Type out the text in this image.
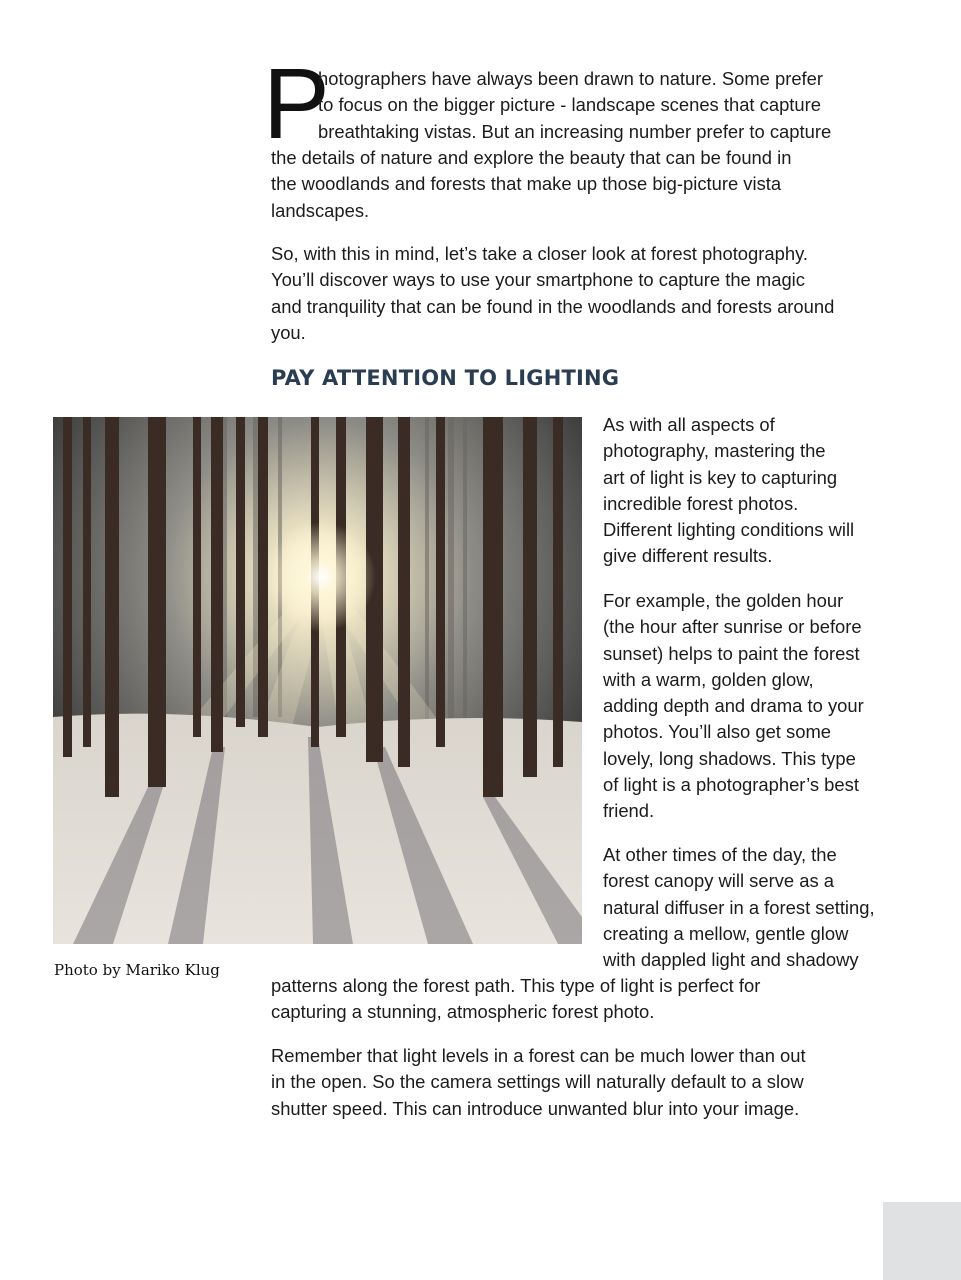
P
hotographers have always been drawn to nature. Some prefer
to focus on the bigger picture - landscape scenes that capture
breathtaking vistas. But an increasing number prefer to capture
the details of nature and explore the beauty that can be found in
the woodlands and forests that make up those big-picture vista
landscapes.
So, with this in mind, let’s take a closer look at forest photography.
You’ll discover ways to use your smartphone to capture the magic
and tranquility that can be found in the woodlands and forests around
you.
PAY ATTENTION TO LIGHTING

Photo by Mariko Klug

As with all aspects of
photography, mastering the
art of light is key to capturing
incredible forest photos.
Different lighting conditions will
give different results.
For example, the golden hour
(the hour after sunrise or before
sunset) helps to paint the forest
with a warm, golden glow,
adding depth and drama to your
photos. You’ll also get some
lovely, long shadows. This type
of light is a photographer’s best
friend.
At other times of the day, the
forest canopy will serve as a
natural diffuser in a forest setting,
creating a mellow, gentle glow
with dappled light and shadowy
patterns along the forest path. This type of light is perfect for
capturing a stunning, atmospheric forest photo.
Remember that light levels in a forest can be much lower than out
in the open. So the camera settings will naturally default to a slow
shutter speed. This can introduce unwanted blur into your image.
